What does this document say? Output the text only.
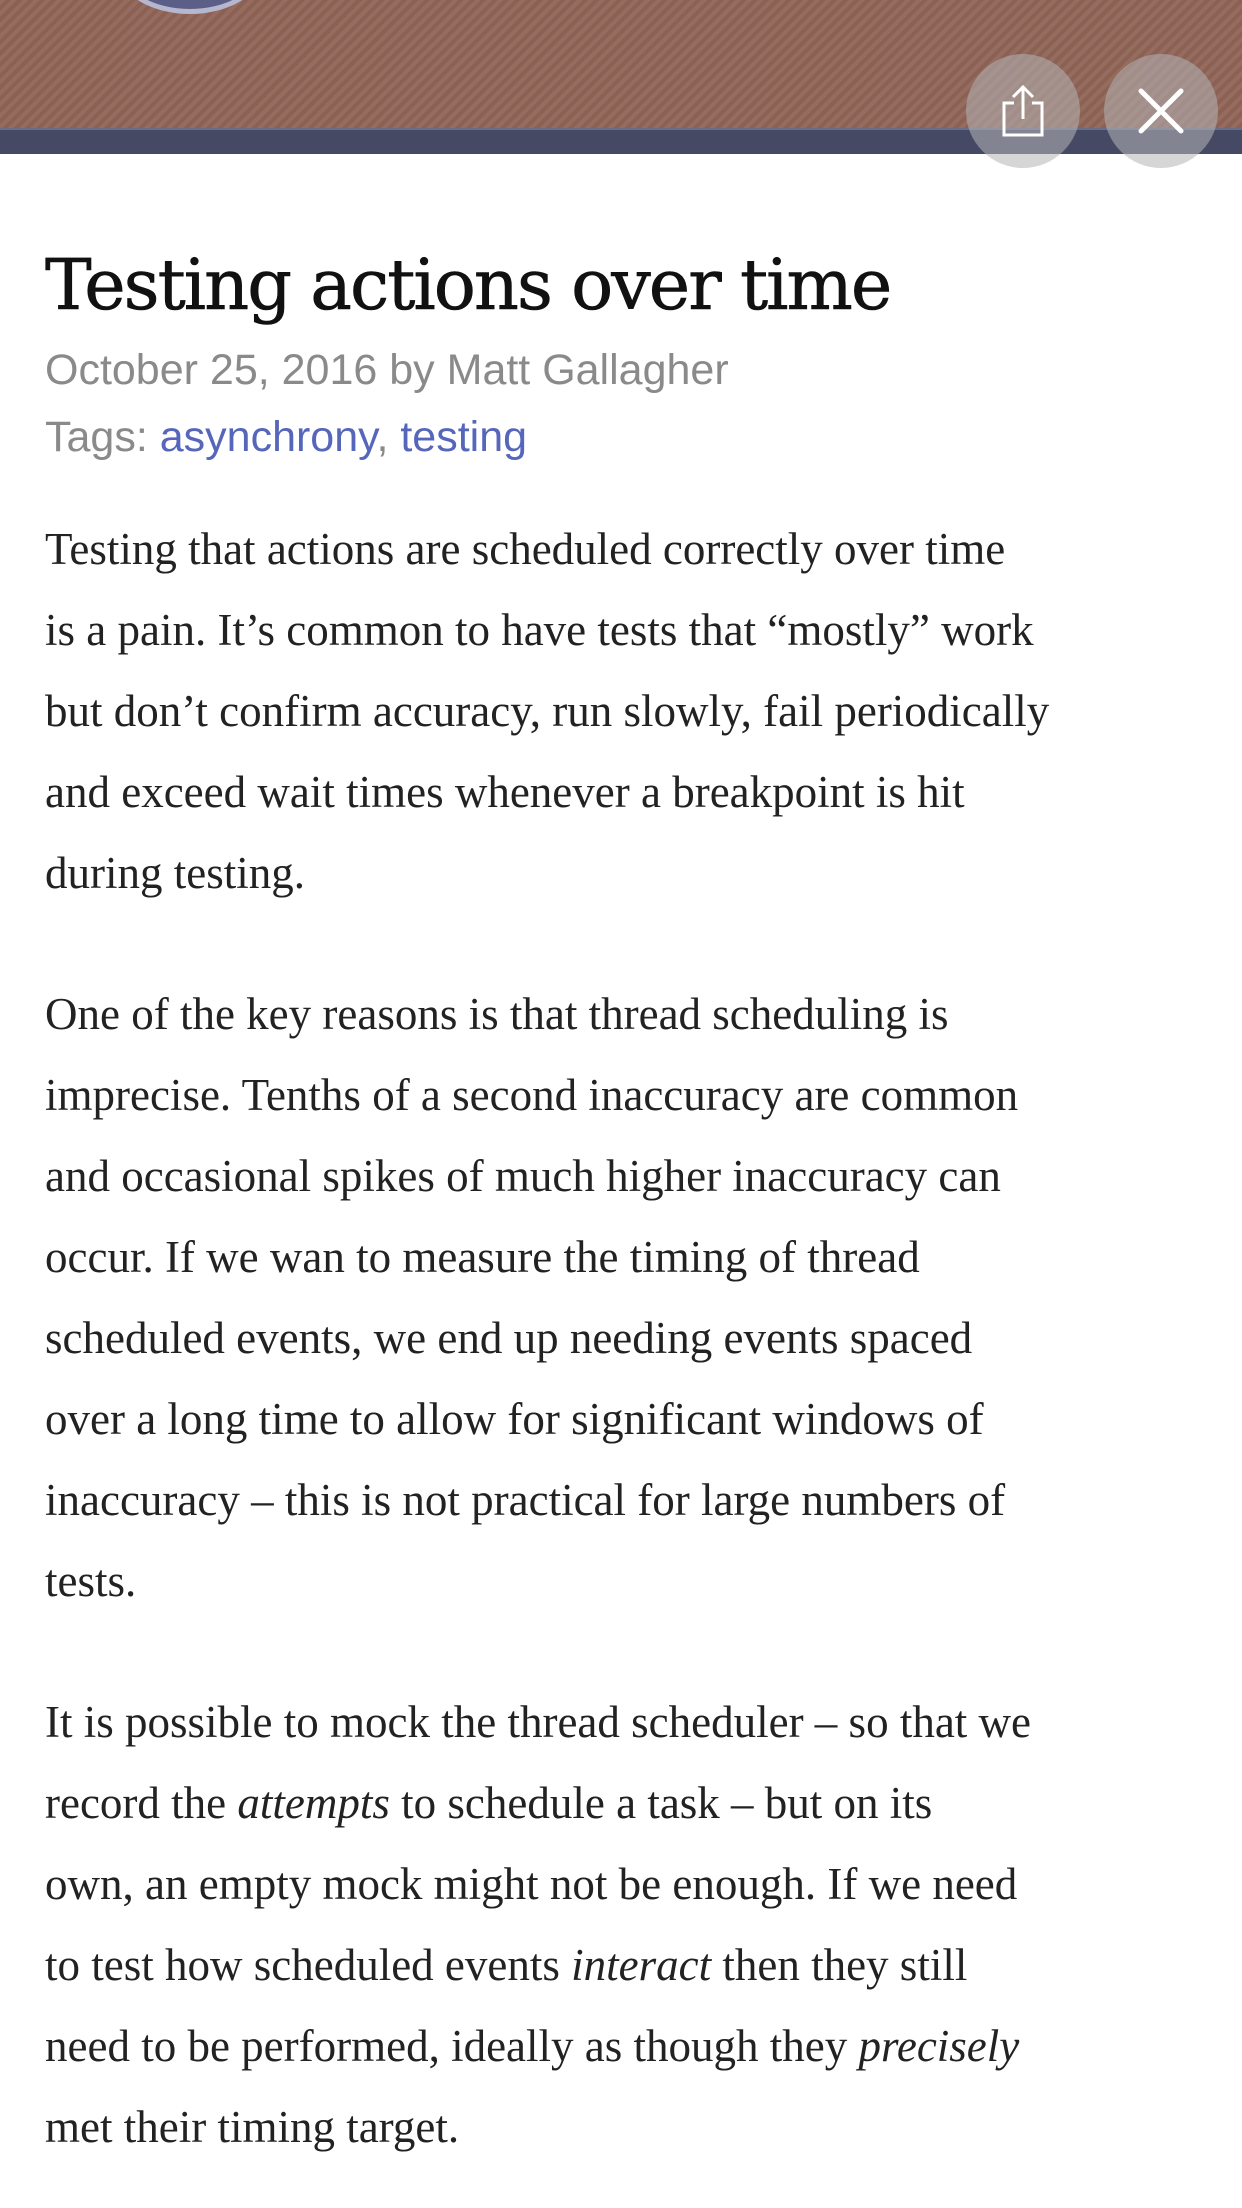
Testing actions over time
October 25, 2016 by Matt Gallagher
Tags: asynchrony, testing

Testing that actions are scheduled correctly over time
is a pain. It’s common to have tests that “mostly” work
but don’t confirm accuracy, run slowly, fail periodically
and exceed wait times whenever a breakpoint is hit
during testing.

One of the key reasons is that thread scheduling is
imprecise. Tenths of a second inaccuracy are common
and occasional spikes of much higher inaccuracy can
occur. If we wan to measure the timing of thread
scheduled events, we end up needing events spaced
over a long time to allow for significant windows of
inaccuracy – this is not practical for large numbers of
tests.

It is possible to mock the thread scheduler – so that we
record the attempts to schedule a task – but on its
own, an empty mock might not be enough. If we need
to test how scheduled events interact then they still
need to be performed, ideally as though they precisely
met their timing target.
